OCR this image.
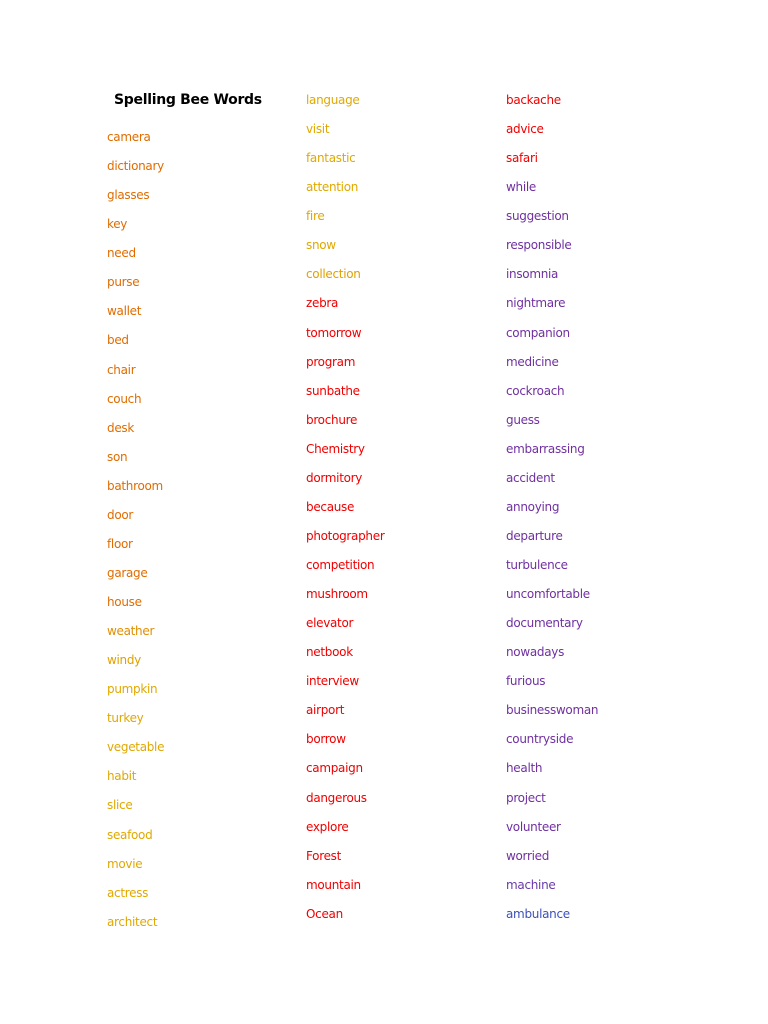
Spelling Bee Words
camera
dictionary
glasses
key
need
purse
wallet
bed
chair
couch
desk
son
bathroom
door
floor
garage
house
weather
windy
pumpkin
turkey
vegetable
habit
slice
seafood
movie
actress
architect
language
visit
fantastic
attention
fire
snow
collection
zebra
tomorrow
program
sunbathe
brochure
Chemistry
dormitory
because
photographer
competition
mushroom
elevator
netbook
interview
airport
borrow
campaign
dangerous
explore
Forest
mountain
Ocean
backache
advice
safari
while
suggestion
responsible
insomnia
nightmare
companion
medicine
cockroach
guess
embarrassing
accident
annoying
departure
turbulence
uncomfortable
documentary
nowadays
furious
businesswoman
countryside
health
project
volunteer
worried
machine
ambulance
